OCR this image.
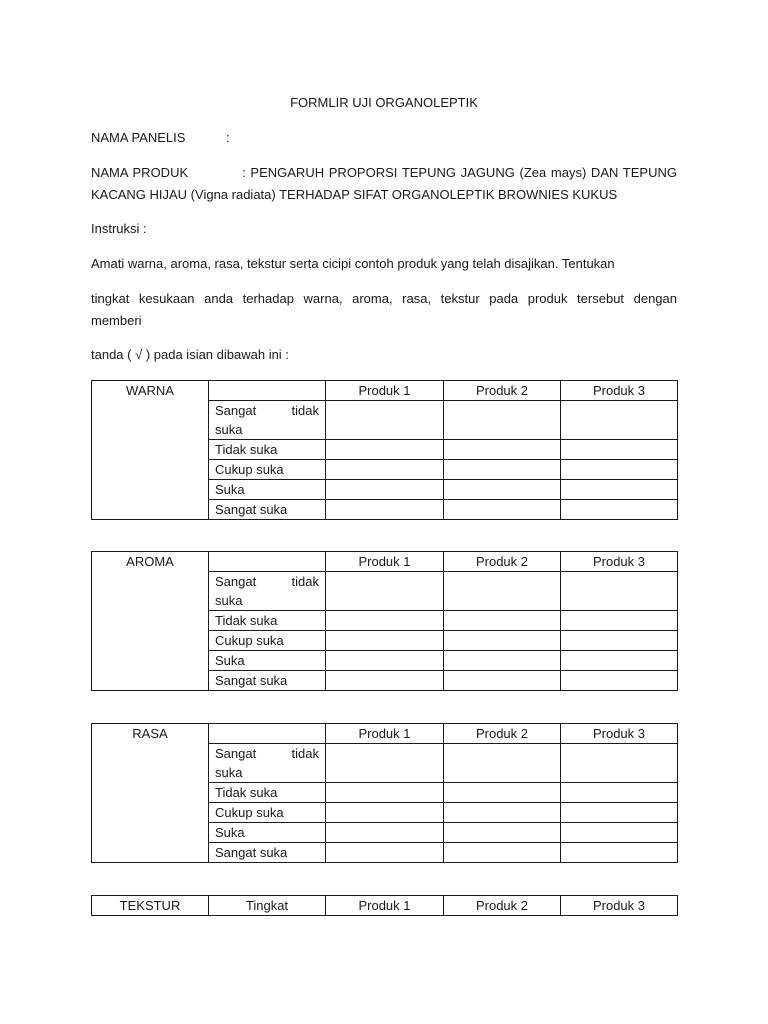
FORMLIR UJI ORGANOLEPTIK
NAMA PANELIS	:
NAMA PRODUK	: PENGARUH PROPORSI TEPUNG JAGUNG (Zea mays) DAN TEPUNG
KACANG HIJAU (Vigna radiata) TERHADAP SIFAT ORGANOLEPTIK BROWNIES KUKUS
Instruksi :
Amati warna, aroma, rasa, tekstur serta cicipi contoh produk yang telah disajikan. Tentukan
tingkat kesukaan anda terhadap warna, aroma, rasa, tekstur pada produk tersebut dengan
memberi
tanda ( √ ) pada isian dibawah ini :
WARNA		Produk 1	Produk 2	Produk 3

	Sangat tidak
suka			

	Tidak suka			
	Cukup suka			
	Suka			
	Sangat suka			
AROMA		Produk 1	Produk 2	Produk 3

	Sangat tidak
suka			

	Tidak suka			
	Cukup suka			
	Suka			
	Sangat suka			
RASA		Produk 1	Produk 2	Produk 3

	Sangat tidak
suka			

	Tidak suka			
	Cukup suka			
	Suka			
	Sangat suka			
TEKSTUR	Tingkat	Produk 1	Produk 2	Produk 3
